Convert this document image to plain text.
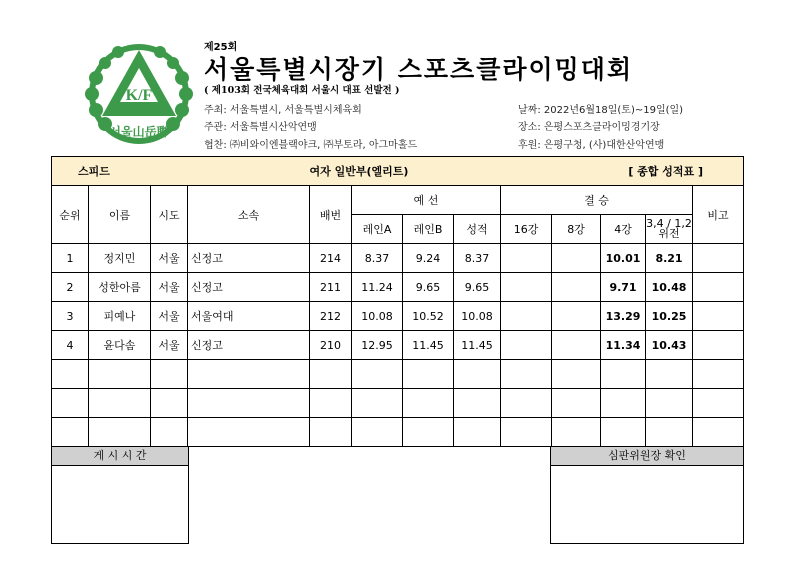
K/F
서울山岳聯
제25회
서울특별시장기 스포츠클라이밍대회
( 제103회 전국체육대회 서울시 대표 선발전 )
주최: 서울특별시, 서울특별시체육회
주관: 서울특별시산악연맹
협찬: ㈜비와이엔블랙야크, ㈜부토라, 아그마홀드
날짜: 2022년6월18일(토)~19일(일)
장소: 은평스포츠클라이밍경기장
후원: 은평구청, (사)대한산악연맹
스피드				여자 일반부(엘리트)					[ 종합 성적표 ]			
순위	이름	시도	소속	배번	예 선			결 승				비고
					레인A	레인B	성적	16강	8강	4강	3,4 / 1,2위전	
1	정지민	서울	신정고	214	8.37	9.24	8.37			10.01	8.21	
2	성한아름	서울	신정고	211	11.24	9.65	9.65			9.71	10.48	
3	피예나	서울	서울여대	212	10.08	10.52	10.08			13.29	10.25	
4	윤다솜	서울	신정고	210	12.95	11.45	11.45			11.34	10.43	

게 시 시 간	심판위원장 확인
